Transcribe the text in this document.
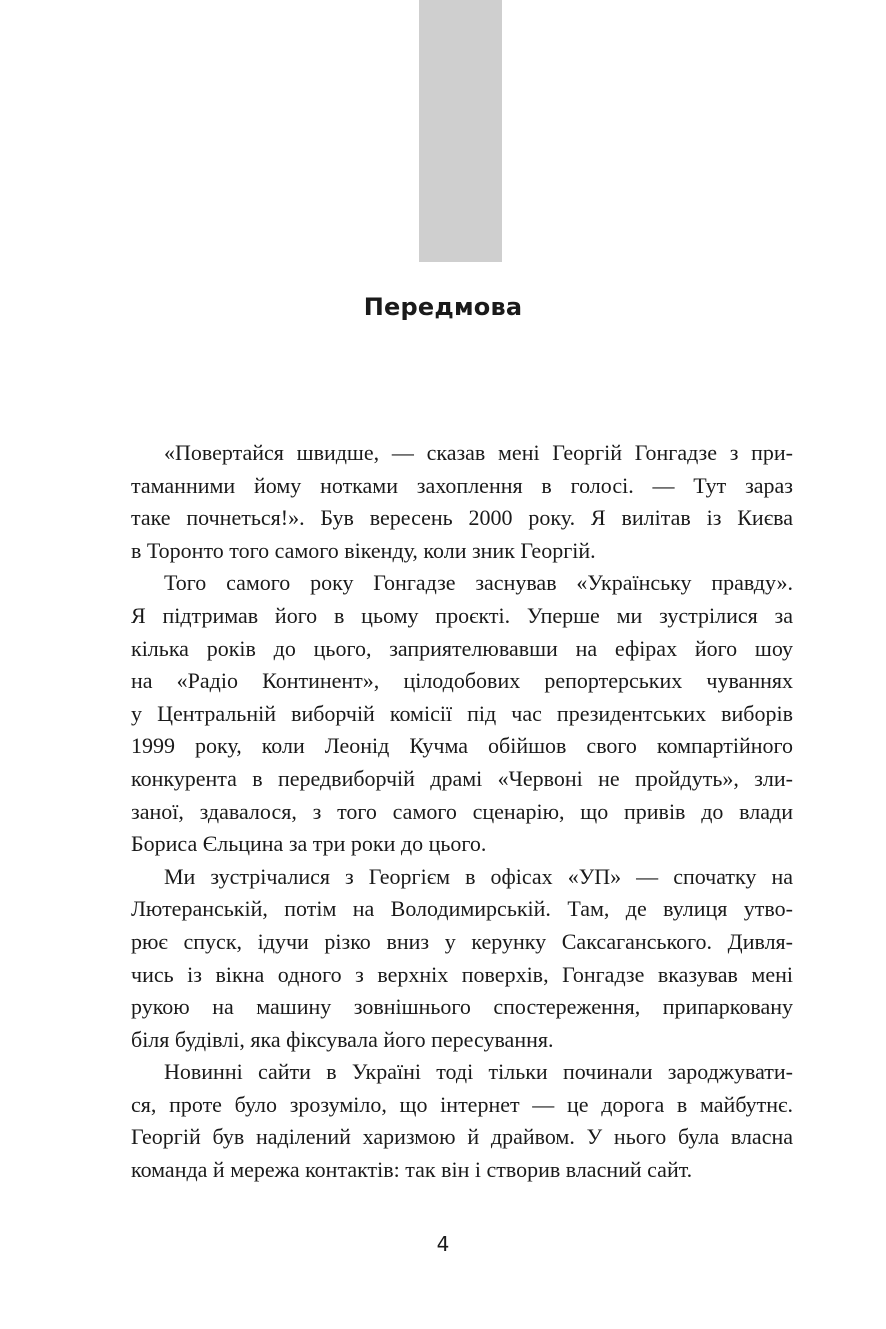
Передмова
«Повертайся швидше, — сказав мені Георгій Гонгадзе з при-
таманними йому нотками захоплення в голосі. — Тут зараз
таке почнеться!». Був вересень 2000 року. Я вилітав із Києва
в Торонто того самого вікенду, коли зник Георгій.
Того самого року Гонгадзе заснував «Українську правду».
Я підтримав його в цьому проєкті. Уперше ми зустрілися за
кілька років до цього, заприятелювавши на ефірах його шоу
на «Радіо Континент», цілодобових репортерських чуваннях
у Центральній виборчій комісії під час президентських виборів
1999 року, коли Леонід Кучма обійшов свого компартійного
конкурента в передвиборчій драмі «Червоні не пройдуть», зли-
заної, здавалося, з того самого сценарію, що привів до влади
Бориса Єльцина за три роки до цього.
Ми зустрічалися з Георгієм в офісах «УП» — спочатку на
Лютеранській, потім на Володимирській. Там, де вулиця утво-
рює спуск, ідучи різко вниз у керунку Саксаганського. Дивля-
чись із вікна одного з верхніх поверхів, Гонгадзе вказував мені
рукою на машину зовнішнього спостереження, припарковану
біля будівлі, яка фіксувала його пересування.
Новинні сайти в Україні тоді тільки починали зароджувати-
ся, проте було зрозуміло, що інтернет — це дорога в майбутнє.
Георгій був наділений харизмою й драйвом. У нього була власна
команда й мережа контактів: так він і створив власний сайт.
4
